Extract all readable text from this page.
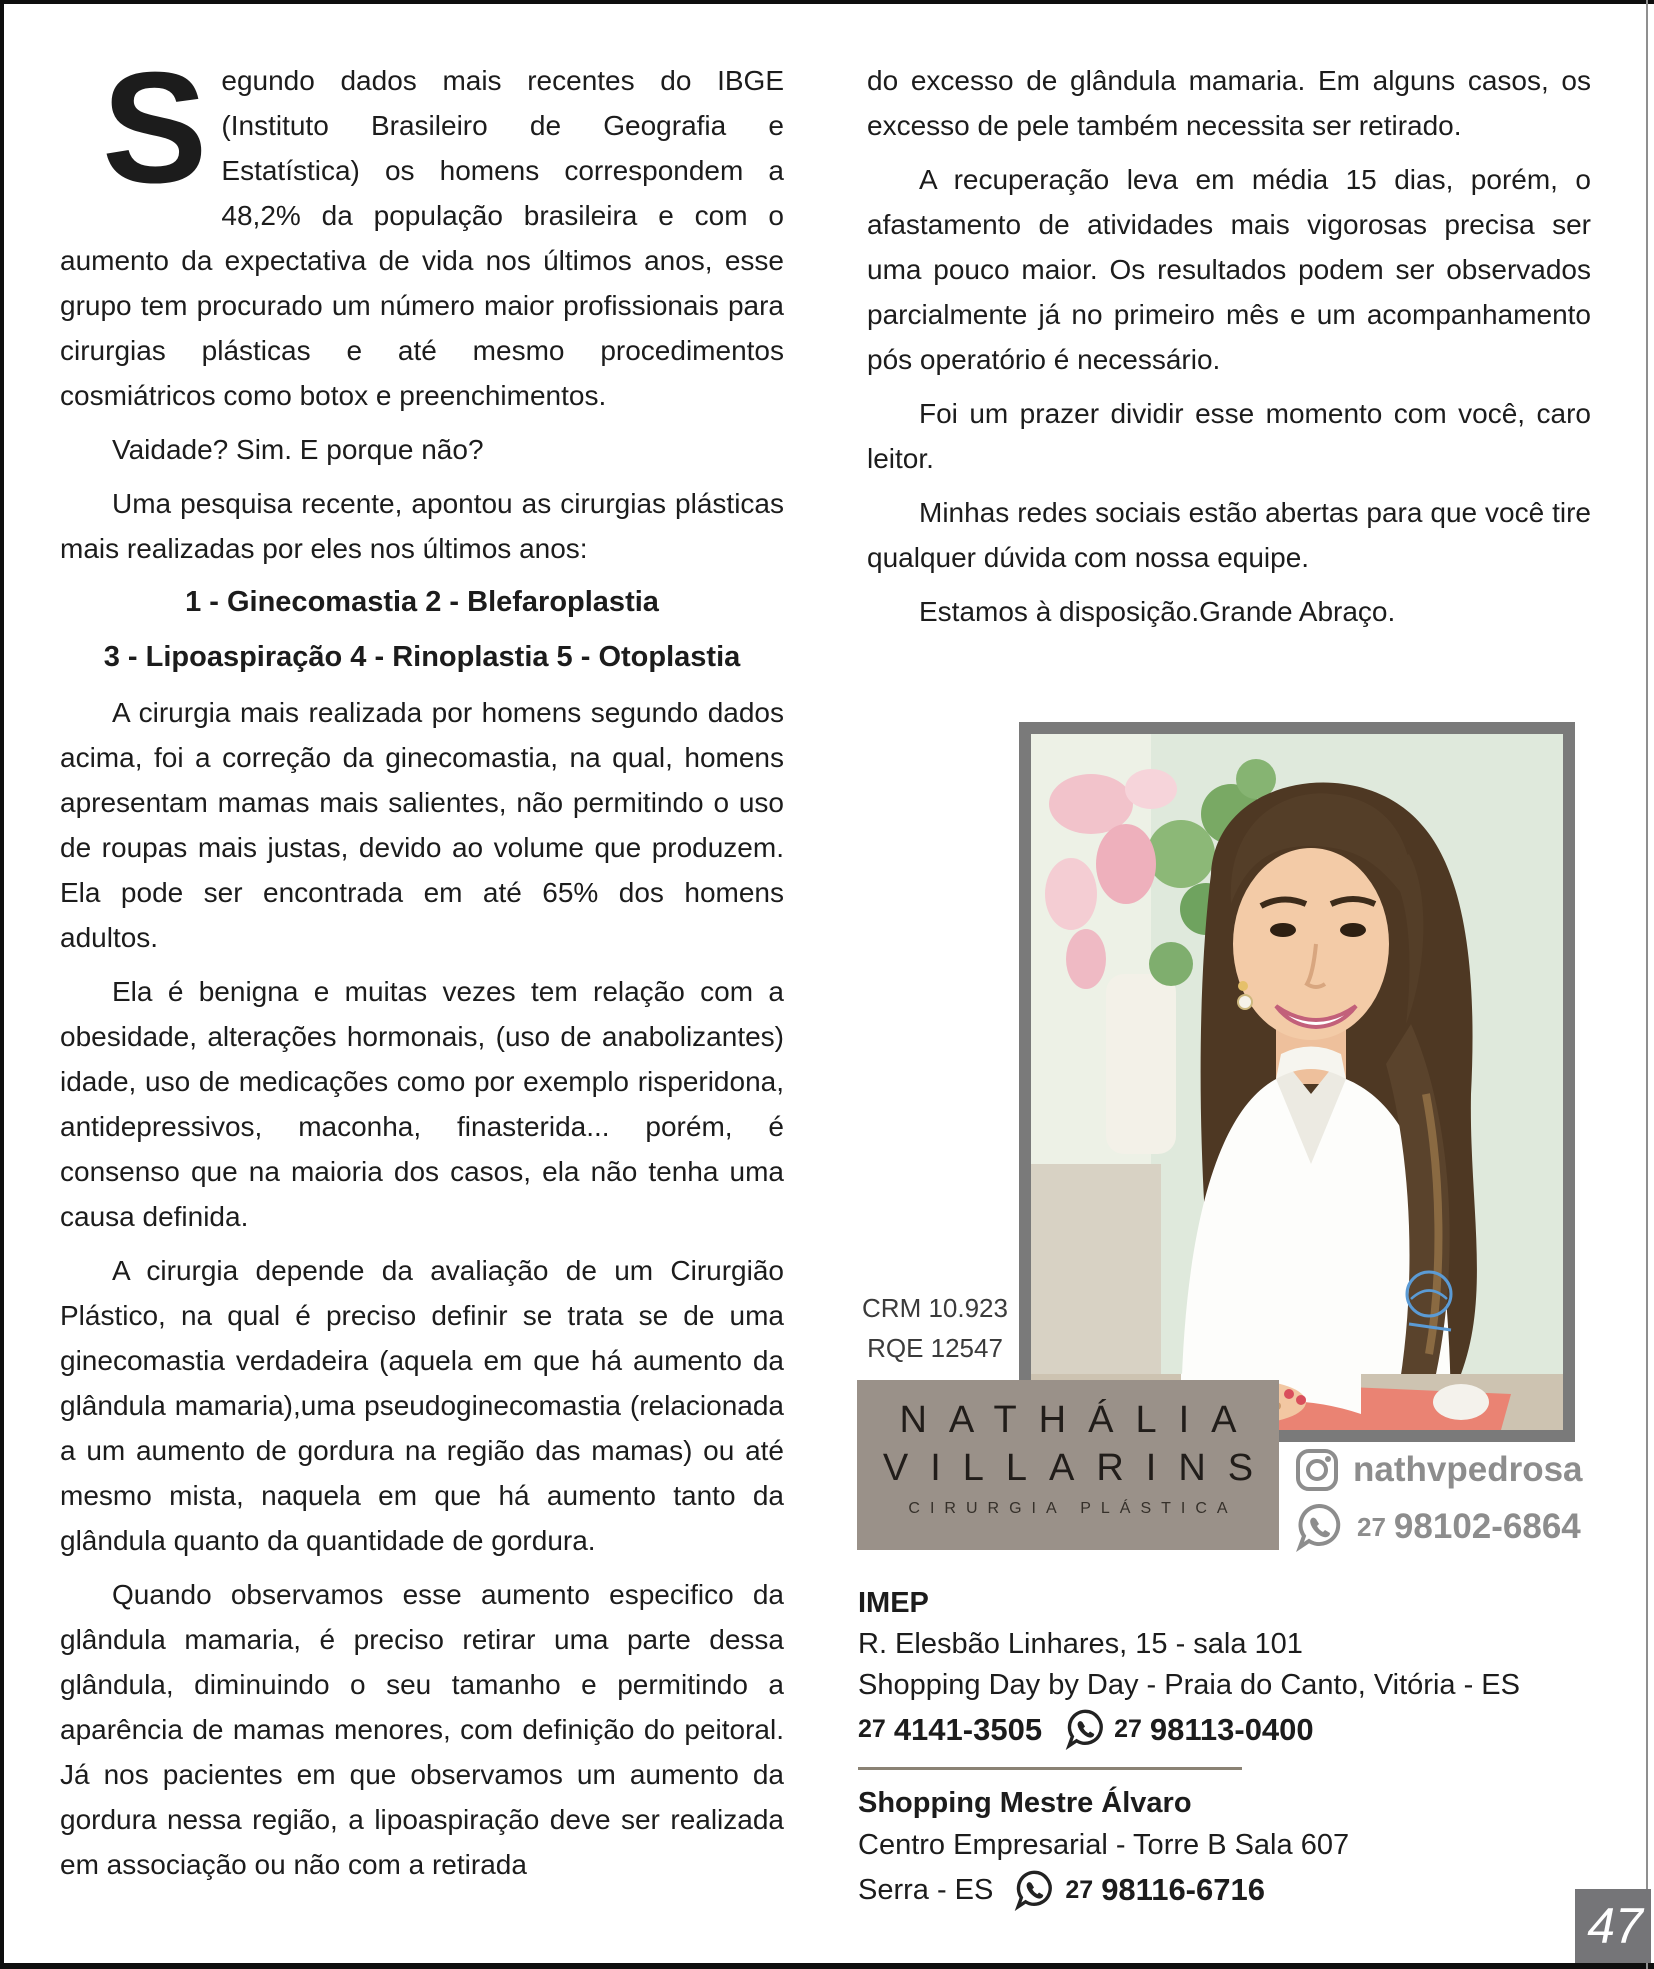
Segundo dados mais recentes do IBGE (Instituto Brasileiro de Geografia e Estatística) os homens correspondem a 48,2% da população brasileira e com o aumento da expectativa de vida nos últimos anos, esse grupo tem procurado um número maior profissionais para cirurgias plásticas e até mesmo procedimentos cosmiátricos como botox e preenchimentos.

Vaidade? Sim. E porque não?

Uma pesquisa recente, apontou as cirurgias plásticas mais realizadas por eles nos últimos anos:

1 - Ginecomastia 2 - Blefaroplastia
3 - Lipoaspiração 4 - Rinoplastia 5 - Otoplastia

A cirurgia mais realizada por homens segundo dados acima, foi a correção da ginecomastia, na qual, homens apresentam mamas mais salientes, não permitindo o uso de roupas mais justas, devido ao volume que produzem. Ela pode ser encontrada em até 65% dos homens adultos.

Ela é benigna e muitas vezes tem relação com a obesidade, alterações hormonais, (uso de anabolizantes) idade, uso de medicações como por exemplo risperidona, antidepressivos, maconha, finasterida... porém, é consenso que na maioria dos casos, ela não tenha uma causa definida.

A cirurgia depende da avaliação de um Cirurgião Plástico, na qual é preciso definir se trata se de uma ginecomastia verdadeira (aquela em que há aumento da glândula mamaria),uma pseudoginecomastia (relacionada a um aumento de gordura na região das mamas) ou até mesmo mista, naquela em que há aumento tanto da glândula quanto da quantidade de gordura.

Quando observamos esse aumento especifico da glândula mamaria, é preciso retirar uma parte dessa glândula, diminuindo o seu tamanho e permitindo a aparência de mamas menores, com definição do peitoral. Já nos pacientes em que observamos um aumento da gordura nessa região, a lipoaspiração deve ser realizada em associação ou não com a retirada

do excesso de glândula mamaria. Em alguns casos, os excesso de pele também necessita ser retirado.

A recuperação leva em média 15 dias, porém, o afastamento de atividades mais vigorosas precisa ser uma pouco maior. Os resultados podem ser observados parcialmente já no primeiro mês e um acompanhamento pós operatório é necessário.

Foi um prazer dividir esse momento com você, caro leitor.

Minhas redes sociais estão abertas para que você tire qualquer dúvida com nossa equipe.

Estamos à disposição.Grande Abraço.

CRM 10.923
RQE 12547
NATHÁLIA
VILLARINS
CIRURGIA PLÁSTICA
nathvpedrosa
27 98102-6864
IMEP
R. Elesbão Linhares, 15 - sala 101
Shopping Day by Day - Praia do Canto, Vitória - ES
27 4141-3505	27 98113-0400
Shopping Mestre Álvaro
Centro Empresarial - Torre B Sala 607
Serra - ES	27 98116-6716
47
